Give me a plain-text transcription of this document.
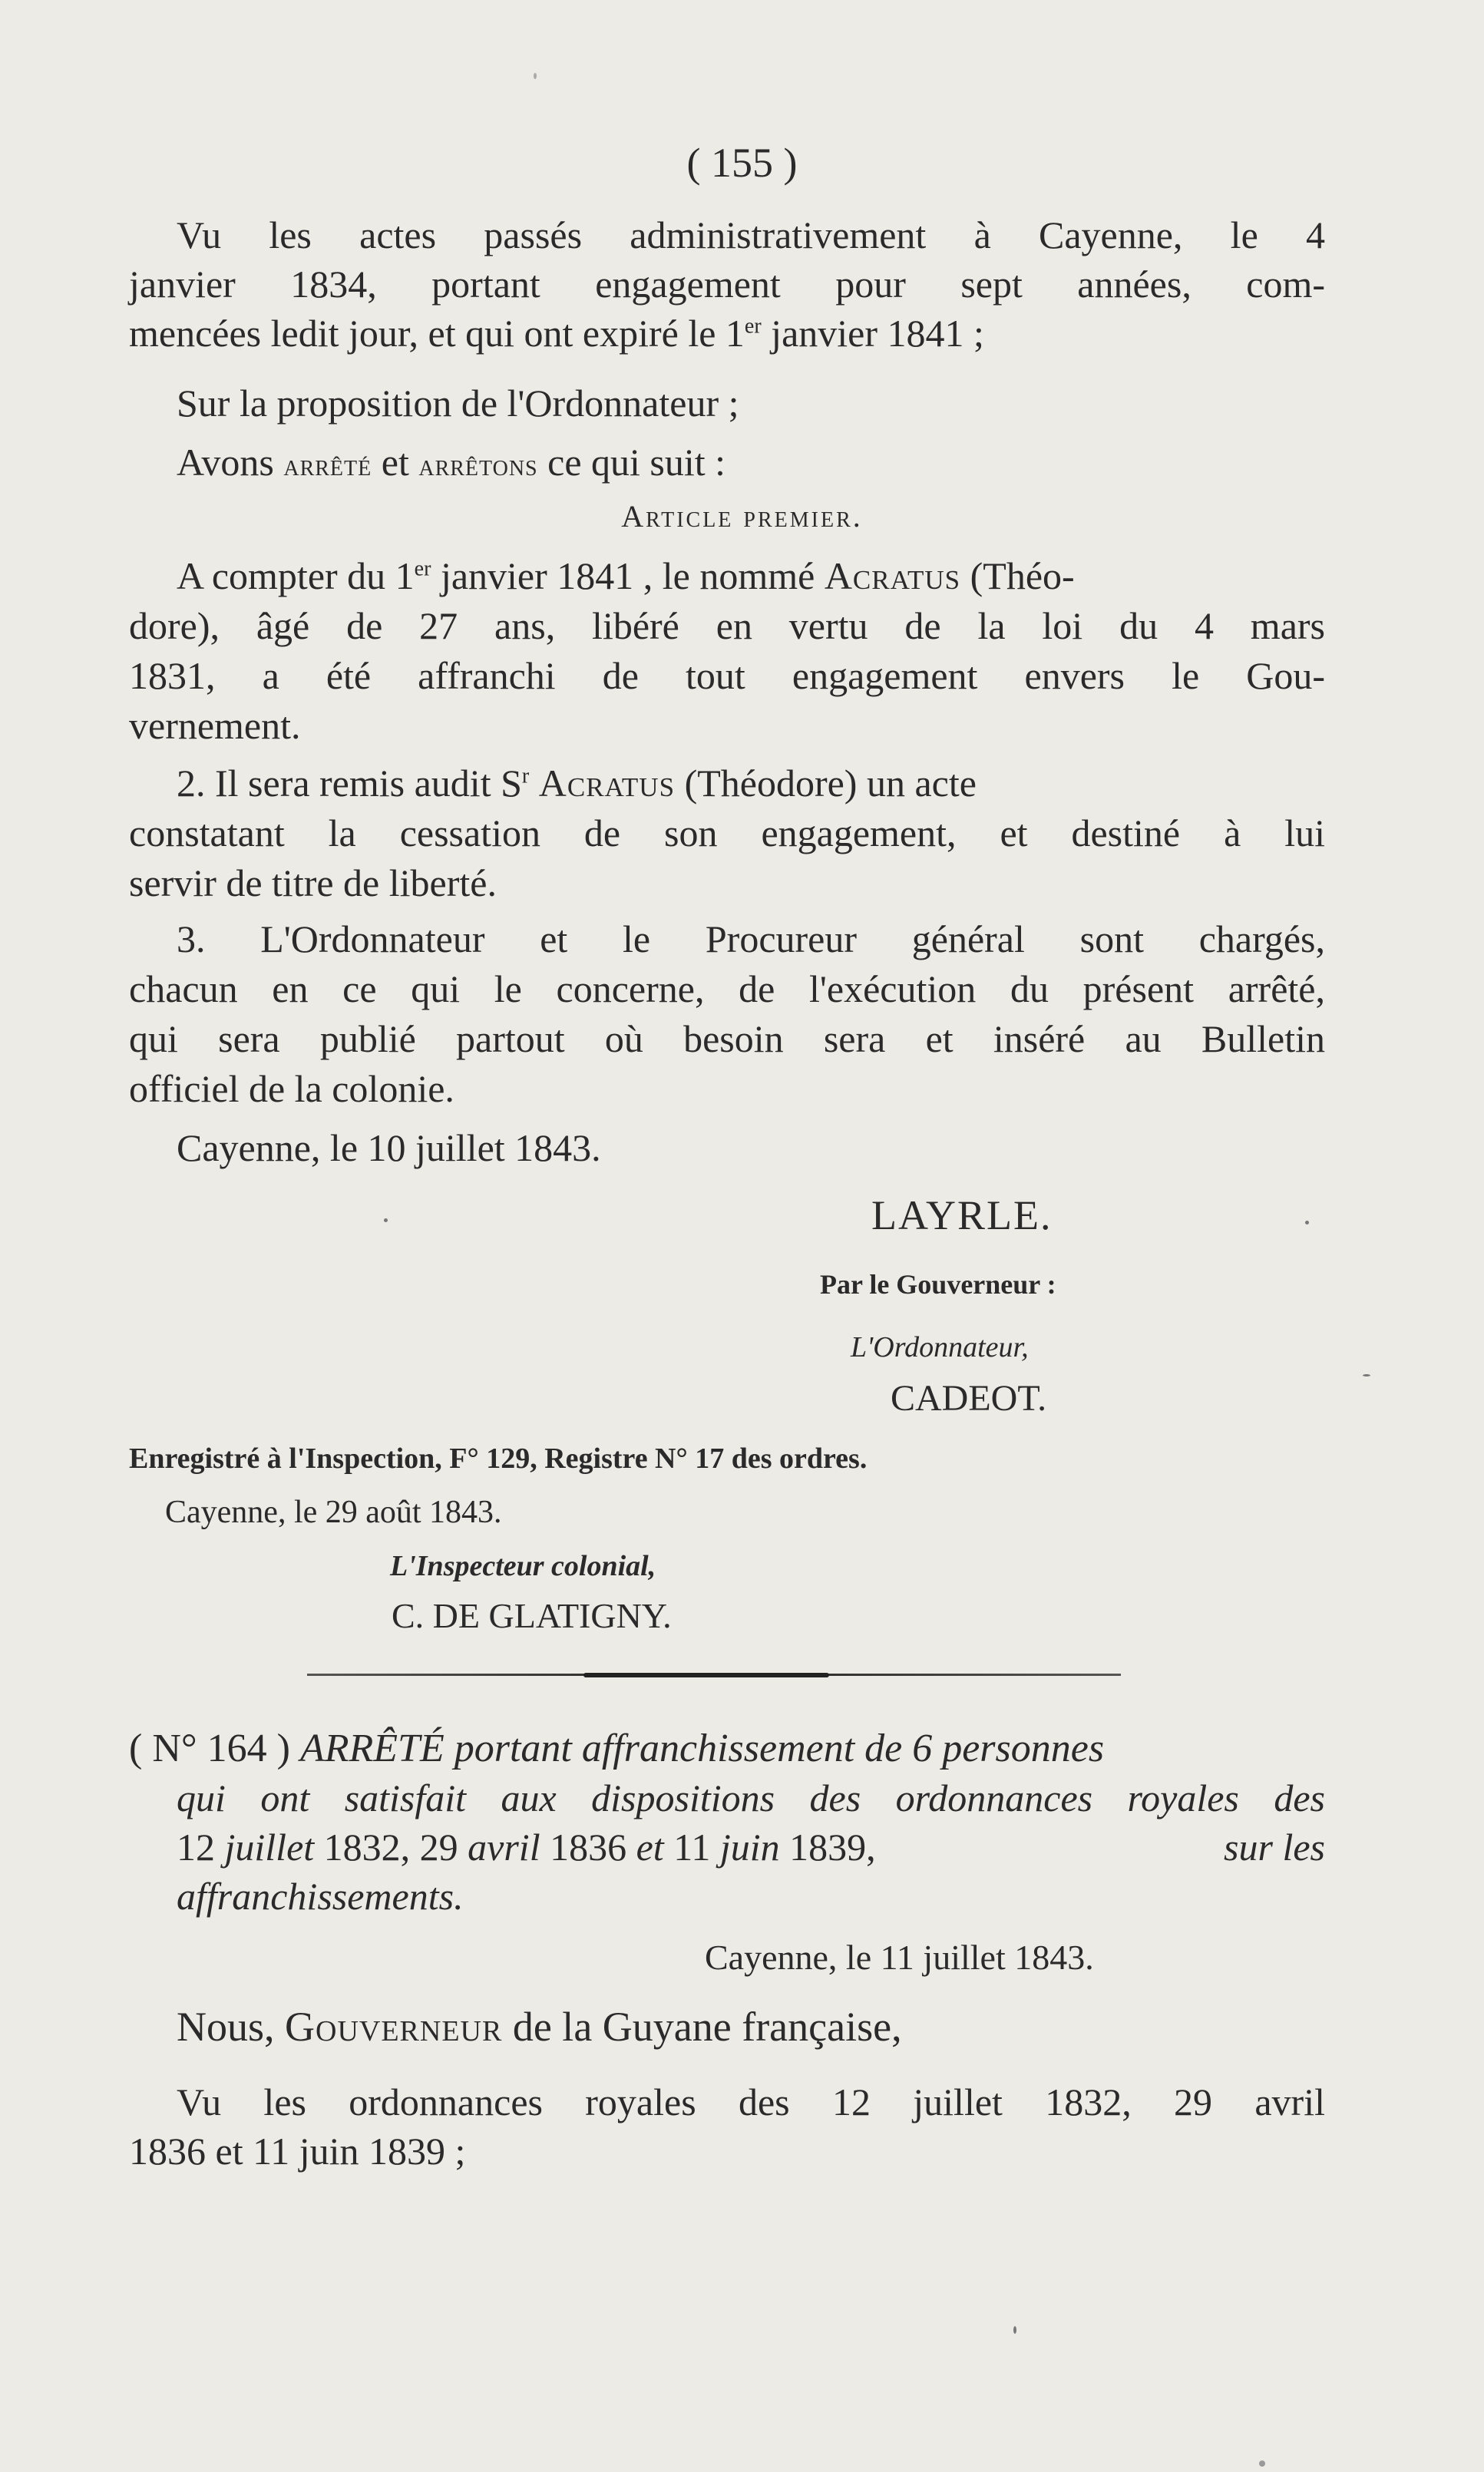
( 155 )
Vu les actes passés administrativement à Cayenne, le 4
janvier 1834, portant engagement pour sept années, com-
mencées ledit jour, et qui ont expiré le 1er janvier 1841 ;
Sur la proposition de l'Ordonnateur ;
Avons arrêté et arrêtons ce qui suit :
Article premier.
A compter du 1er janvier 1841 , le nommé Acratus (Théo-
dore), âgé de 27 ans, libéré en vertu de la loi du 4 mars
1831, a été affranchi de tout engagement envers le Gou-
vernement.
2. Il sera remis audit $S^r$ Acratus (Théodore) un acte
constatant la cessation de son engagement, et destiné à lui
servir de titre de liberté.
3. L'Ordonnateur et le Procureur général sont chargés,
chacun en ce qui le concerne, de l'exécution du présent arrêté,
qui sera publié partout où besoin sera et inséré au Bulletin
officiel de la colonie.
Cayenne, le 10 juillet 1843.
LAYRLE.
Par le Gouverneur :
L'Ordonnateur,
CADEOT.
Enregistré à l'Inspection, F° 129, Registre N° 17 des ordres.
Cayenne, le 29 août 1843.
L'Inspecteur colonial,
C. DE GLATIGNY.
( N° 164 ) ARRÊTÉ portant affranchissement de 6 personnes
qui ont satisfait aux dispositions des ordonnances royales des
12 juillet 1832, 29 avril 1836 et 11 juin 1839,	sur les
affranchissements.
Cayenne, le 11 juillet 1843.
Nous, Gouverneur de la Guyane française,
Vu les ordonnances royales des 12 juillet 1832, 29 avril
1836 et 11 juin 1839 ;
